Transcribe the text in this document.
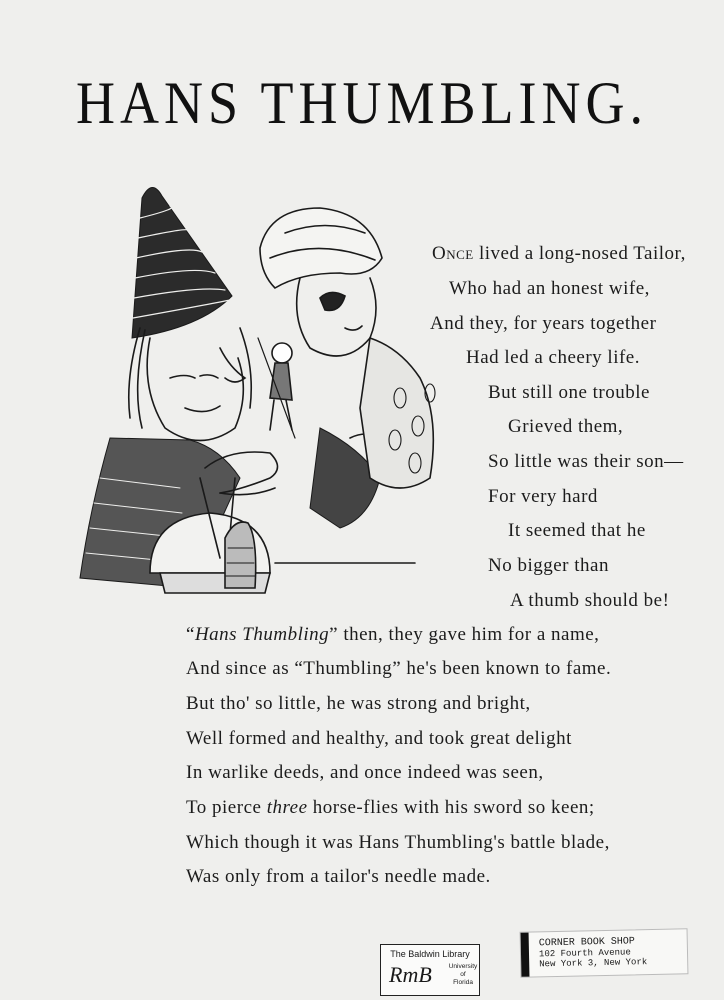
HANS THUMBLING.
Once lived a long-nosed Tailor,
Who had an honest wife,
And they, for years together
Had led a cheery life.
But still one trouble
Grieved them,
So little was their son—
For very hard
It seemed that he
No bigger than
A thumb should be!
“Hans Thumbling” then, they gave him for a name,
And since as “Thumbling” he's been known to fame.
But tho' so little, he was strong and bright,
Well formed and healthy, and took great delight
In warlike deeds, and once indeed was seen,
To pierce three horse-flies with his sword so keen;
Which though it was Hans Thumbling's battle blade,
Was only from a tailor's needle made.
The Baldwin Library
RmB	University
of
Florida
CORNER BOOK SHOP
102 Fourth Avenue
New York 3, New York
